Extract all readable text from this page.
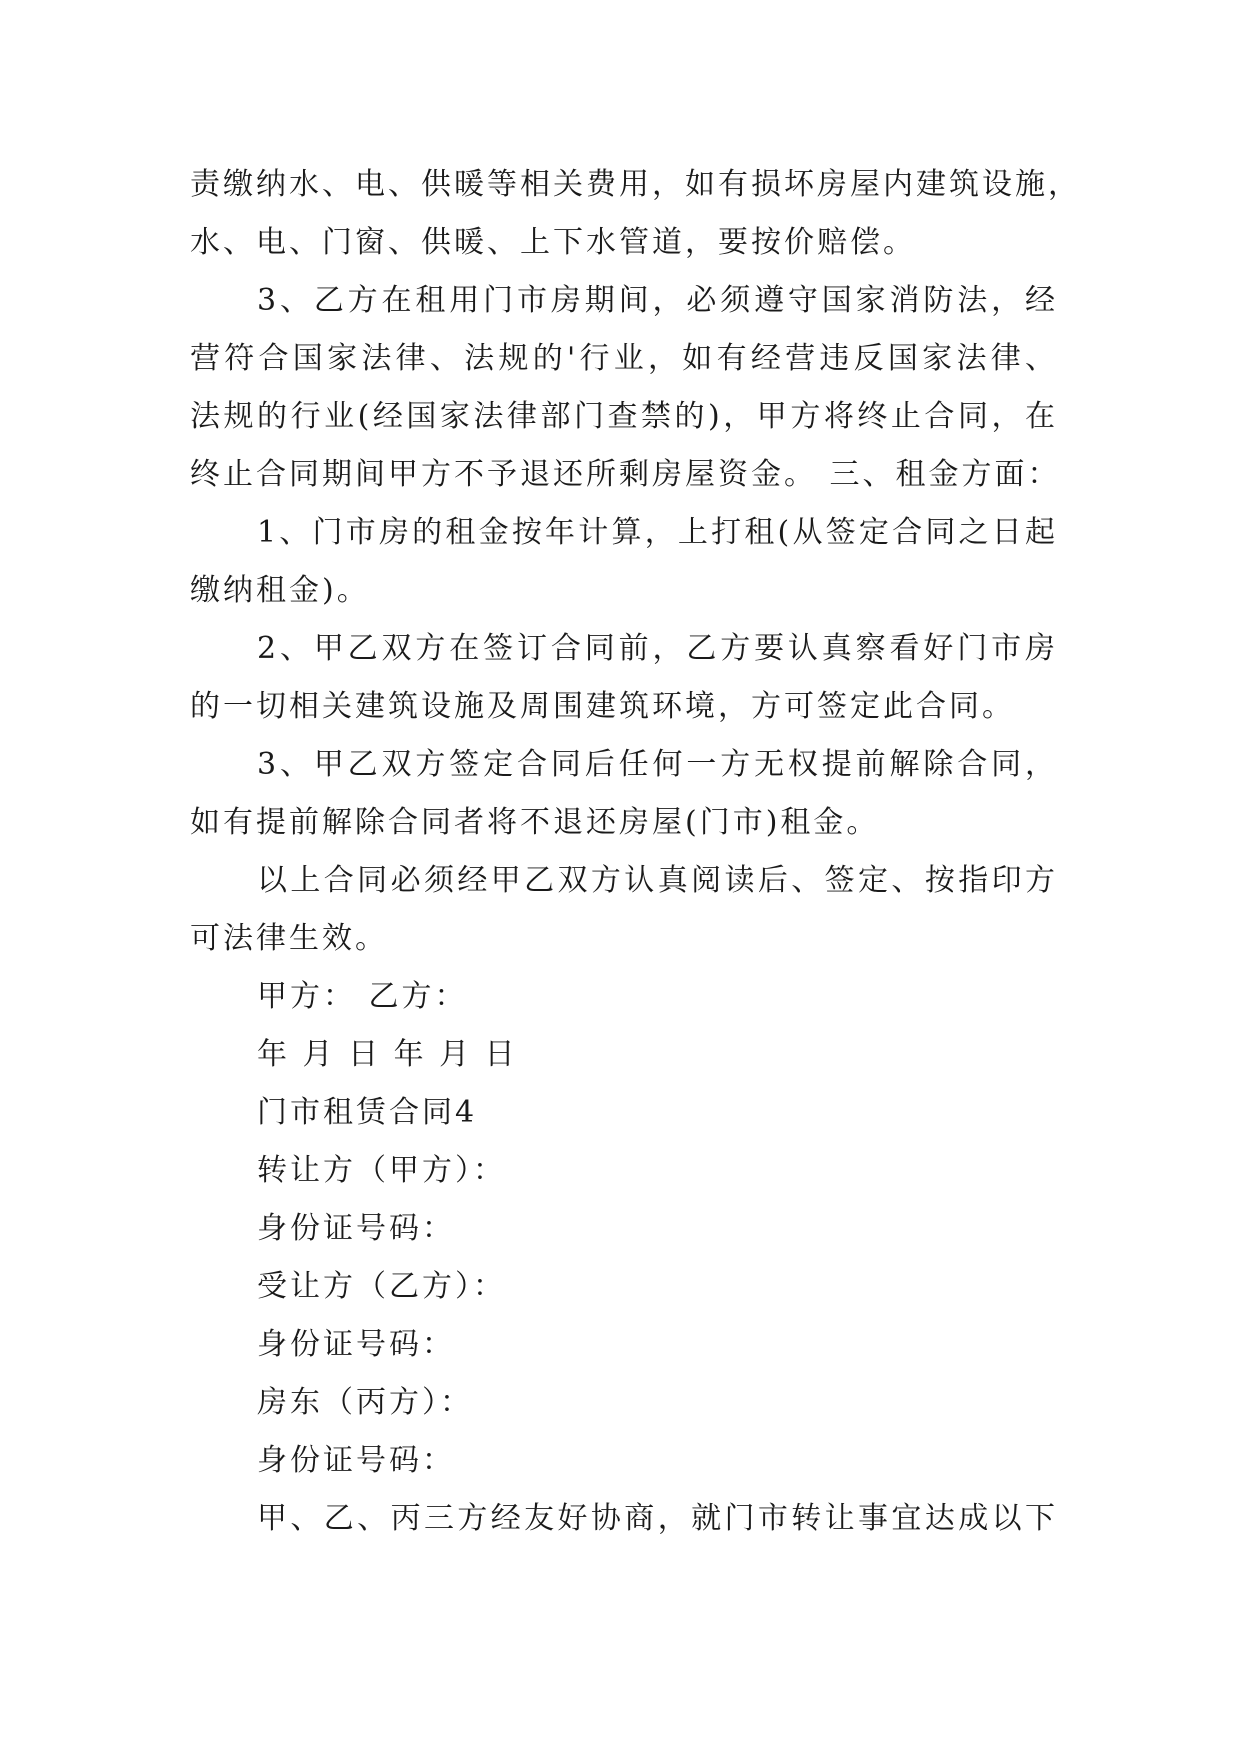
责缴纳水、电、供暖等相关费用，如有损坏房屋内建筑设施，
水、电、门窗、供暖、上下水管道，要按价赔偿。
3、乙方在租用门市房期间，必须遵守国家消防法，经
营符合国家法律、法规的'行业，如有经营违反国家法律、
法规的行业(经国家法律部门查禁的)，甲方将终止合同，在
终止合同期间甲方不予退还所剩房屋资金。 三、租金方面：
1、门市房的租金按年计算，上打租(从签定合同之日起
缴纳租金)。
2、甲乙双方在签订合同前，乙方要认真察看好门市房
的一切相关建筑设施及周围建筑环境，方可签定此合同。
3、甲乙双方签定合同后任何一方无权提前解除合同，
如有提前解除合同者将不退还房屋(门市)租金。
以上合同必须经甲乙双方认真阅读后、签定、按指印方
可法律生效。
甲方： 乙方：
年 月 日 年 月 日
门市租赁合同4
转让方（甲方）：
身份证号码：
受让方（乙方）：
身份证号码：
房东（丙方）：
身份证号码：
甲、乙、丙三方经友好协商，就门市转让事宜达成以下
